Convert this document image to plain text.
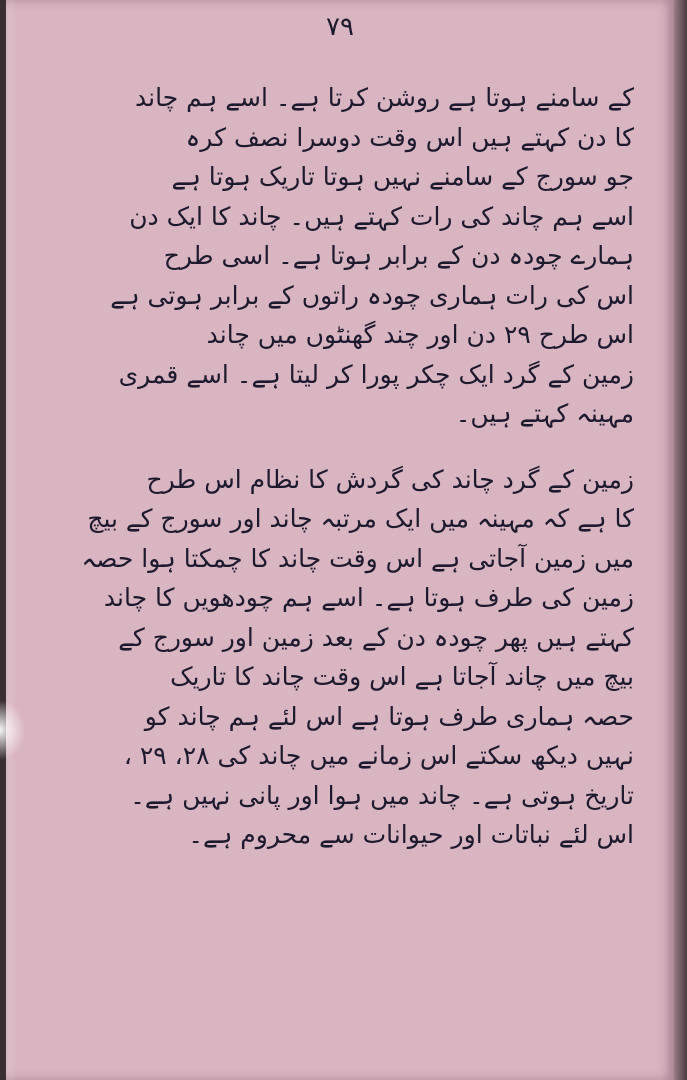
۷۹
کے سامنے ہوتا ہے روشن کرتا ہے۔ اسے ہم چاند
کا دن کہتے ہیں اس وقت دوسرا نصف کرہ
جو سورج کے سامنے نہیں ہوتا تاریک ہوتا ہے
اسے ہم چاند کی رات کہتے ہیں۔ چاند کا ایک دن
ہمارے چودہ دن کے برابر ہوتا ہے۔ اسی طرح
اس کی رات ہماری چودہ راتوں کے برابر ہوتی ہے
اس طرح ۲۹ دن اور چند گھنٹوں میں چاند
زمین کے گرد ایک چکر پورا کر لیتا ہے۔ اسے قمری
مہینہ کہتے ہیں۔
زمین کے گرد چاند کی گردش کا نظام اس طرح
کا ہے کہ مہینہ میں ایک مرتبہ چاند اور سورج کے بیچ
میں زمین آجاتی ہے اس وقت چاند کا چمکتا ہوا حصہ
زمین کی طرف ہوتا ہے۔ اسے ہم چودھویں کا چاند
کہتے ہیں پھر چودہ دن کے بعد زمین اور سورج کے
بیچ میں چاند آجاتا ہے اس وقت چاند کا تاریک
حصہ ہماری طرف ہوتا ہے اس لئے ہم چاند کو
نہیں دیکھ سکتے اس زمانے میں چاند کی ۲۸، ۲۹ ،
تاریخ ہوتی ہے۔ چاند میں ہوا اور پانی نہیں ہے۔
اس لئے نباتات اور حیوانات سے محروم ہے۔
